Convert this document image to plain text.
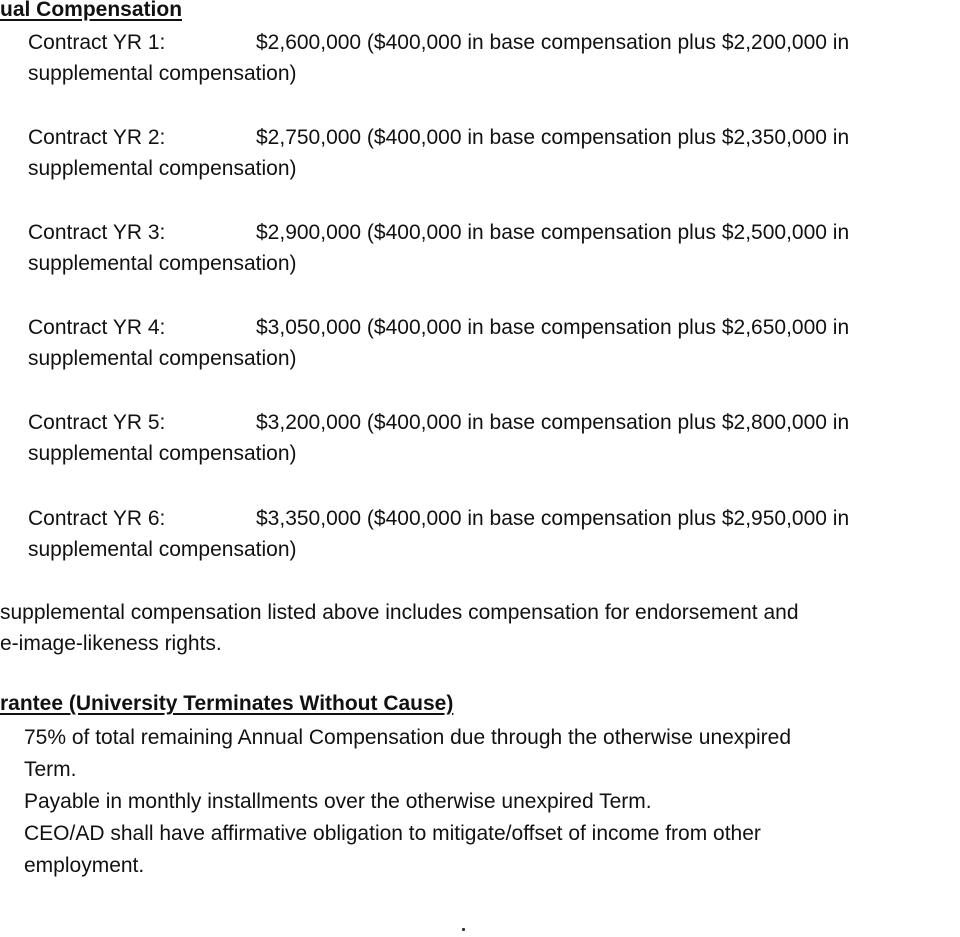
ual Compensation
Contract YR 1:	$2,600,000 ($400,000 in base compensation plus $2,200,000 in
supplemental compensation)
Contract YR 2:	$2,750,000 ($400,000 in base compensation plus $2,350,000 in
supplemental compensation)
Contract YR 3:	$2,900,000 ($400,000 in base compensation plus $2,500,000 in
supplemental compensation)
Contract YR 4:	$3,050,000 ($400,000 in base compensation plus $2,650,000 in
supplemental compensation)
Contract YR 5:	$3,200,000 ($400,000 in base compensation plus $2,800,000 in
supplemental compensation)
Contract YR 6:	$3,350,000 ($400,000 in base compensation plus $2,950,000 in
supplemental compensation)
supplemental compensation listed above includes compensation for endorsement and
e-image-likeness rights.
rantee (University Terminates Without Cause)
75% of total remaining Annual Compensation due through the otherwise unexpired
Term.
Payable in monthly installments over the otherwise unexpired Term.
CEO/AD shall have affirmative obligation to mitigate/offset of income from other
employment.
